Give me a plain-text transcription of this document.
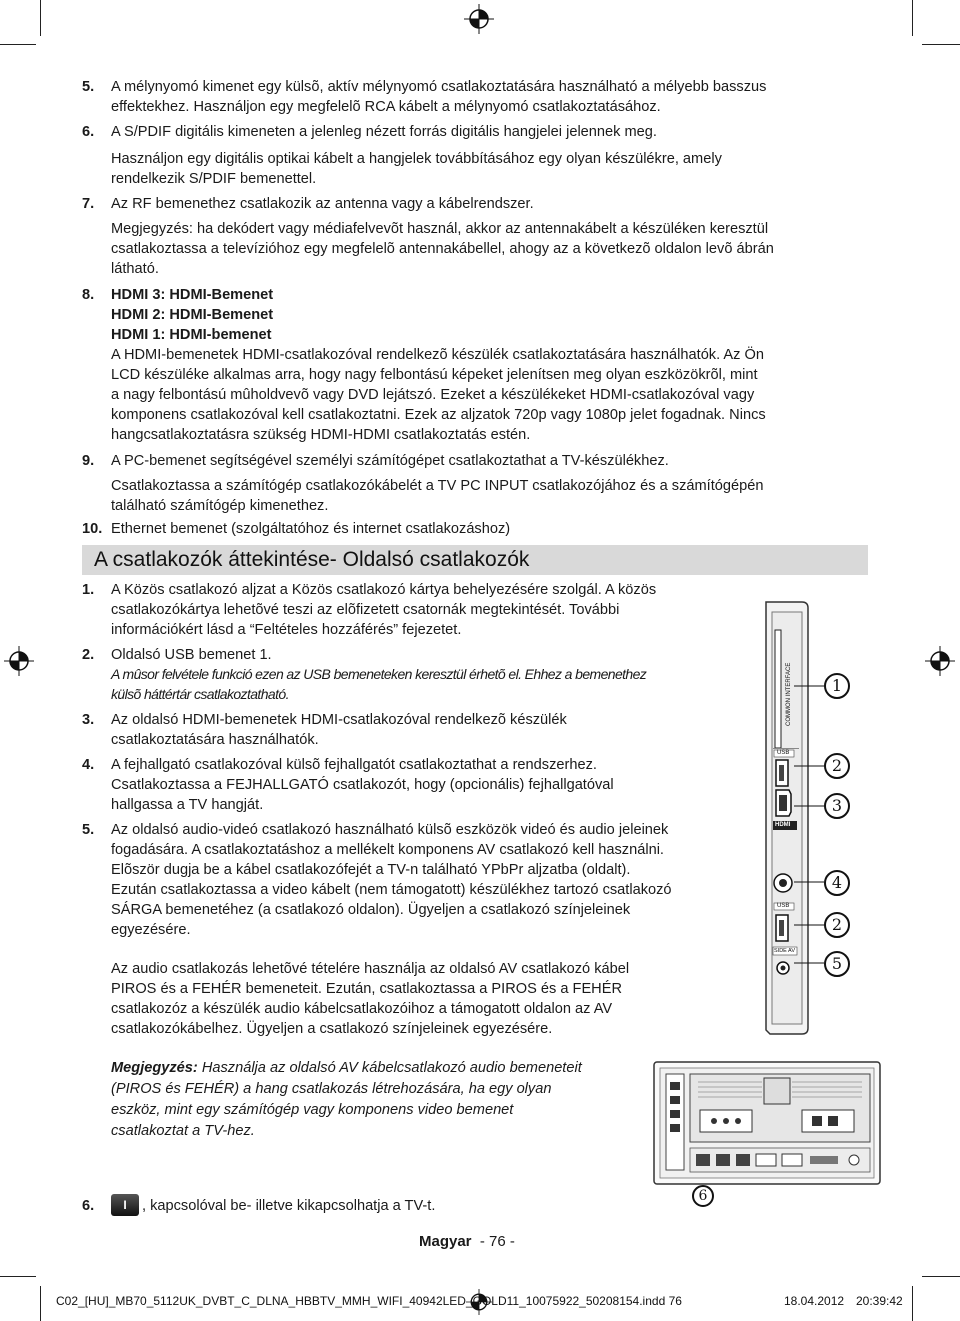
5. A mélynyomó kimenet egy külsõ, aktív mélynyomó csatlakoztatására használható a mélyebb basszus
effektekhez. Használjon egy megfelelõ RCA kábelt a mélynyomó csatlakoztatásához.
6. A S/PDIF digitális kimeneten a jelenleg nézett forrás digitális hangjelei jelennek meg.
Használjon egy digitális optikai kábelt a hangjelek továbbításához egy olyan készülékre, amely
rendelkezik S/PDIF bemenettel.
7. Az RF bemenethez csatlakozik az antenna vagy a kábelrendszer.
Megjegyzés: ha dekódert vagy médiafelvevõt használ, akkor az antennakábelt a készüléken keresztül
csatlakoztassa a televízióhoz egy megfelelõ antennakábellel, ahogy az a következõ oldalon levõ ábrán
látható.
8. HDMI 3: HDMI-Bemenet
HDMI 2: HDMI-Bemenet
HDMI 1: HDMI-bemenet
A HDMI-bemenetek HDMI-csatlakozóval rendelkezõ készülék csatlakoztatására használhatók. Az Ön
LCD készüléke alkalmas arra, hogy nagy felbontású képeket jelenítsen meg olyan eszközökrõl, mint
a nagy felbontású mûholdvevõ vagy DVD lejátszó. Ezeket a készülékeket HDMI-csatlakozóval vagy
komponens csatlakozóval kell csatlakoztatni. Ezek az aljzatok 720p vagy 1080p jelet fogadnak. Nincs
hangcsatlakoztatásra szükség HDMI-HDMI csatlakoztatás estén.
9. A PC-bemenet segítségével személyi számítógépet csatlakoztathat a TV-készülékhez.
Csatlakoztassa a számítógép csatlakozókábelét a TV PC INPUT csatlakozójához és a számítógépén
található számítógép kimenethez.
10. Ethernet bemenet (szolgáltatóhoz és internet csatlakozáshoz)
A csatlakozók áttekintése- Oldalsó csatlakozók
1. A Közös csatlakozó aljzat a Közös csatlakozó kártya behelyezésére szolgál. A közös
csatlakozókártya lehetõvé teszi az elõfizetett csatornák megtekintését. További
információkért lásd a “Feltételes hozzáférés” fejezetet.
2. Oldalsó USB bemenet 1.
A mûsor felvétele funkció ezen az USB bemeneteken keresztül érhetõ el. Ehhez a bemenethez
külsõ háttértár csatlakoztatható.
3. Az oldalsó HDMI-bemenetek HDMI-csatlakozóval rendelkezõ készülék
csatlakoztatására használhatók.
4. A fejhallgató csatlakozóval külsõ fejhallgatót csatlakoztathat a rendszerhez.
Csatlakoztassa a FEJHALLGATÓ csatlakozót, hogy (opcionális) fejhallgatóval
hallgassa a TV hangját.
5. Az oldalsó audio-videó csatlakozó használható külsõ eszközök videó és audio jeleinek
fogadására. A csatlakoztatáshoz a mellékelt komponens AV csatlakozó kell használni.
Elõször dugja be a kábel csatlakozófejét a TV-n található YPbPr aljzatba (oldalt).
Ezután csatlakoztassa a video kábelt (nem támogatott) készülékhez tartozó csatlakozó
SÁRGA bemenetéhez (a csatlakozó oldalon). Ügyeljen a csatlakozó színjeleinek
egyezésére.
Az audio csatlakozás lehetõvé tételére használja az oldalsó AV csatlakozó kábel
PIROS és a FEHÉR bemeneteit. Ezután, csatlakoztassa a PIROS és a FEHÉR
csatlakozóz a készülék audio kábelcsatlakozóihoz a támogatott oldalon az AV
csatlakozókábelhez. Ügyeljen a csatlakozó színjeleinek egyezésére.
Megjegyzés: Használja az oldalsó AV kábelcsatlakozó audio bemeneteit
(PIROS és FEHÉR) a hang csatlakozás létrehozására, ha egy olyan
eszköz, mint egy számítógép vagy komponens video bemenet
csatlakoztat a TV-hez.
6.	I	, kapcsolóval be- illetve kikapcsolhatja a TV-t.
COMMON INTERFACE
USB
HDMI
USB
SIDE AV
1
2
3
4
2
5
6
Magyar - 76 -
C02_[HU]_MB70_5112UK_DVBT_C_DLNA_HBBTV_MMH_WIFI_40942LED_GOLD11_10075922_50208154.indd 76	18.04.2012 20:39:42
